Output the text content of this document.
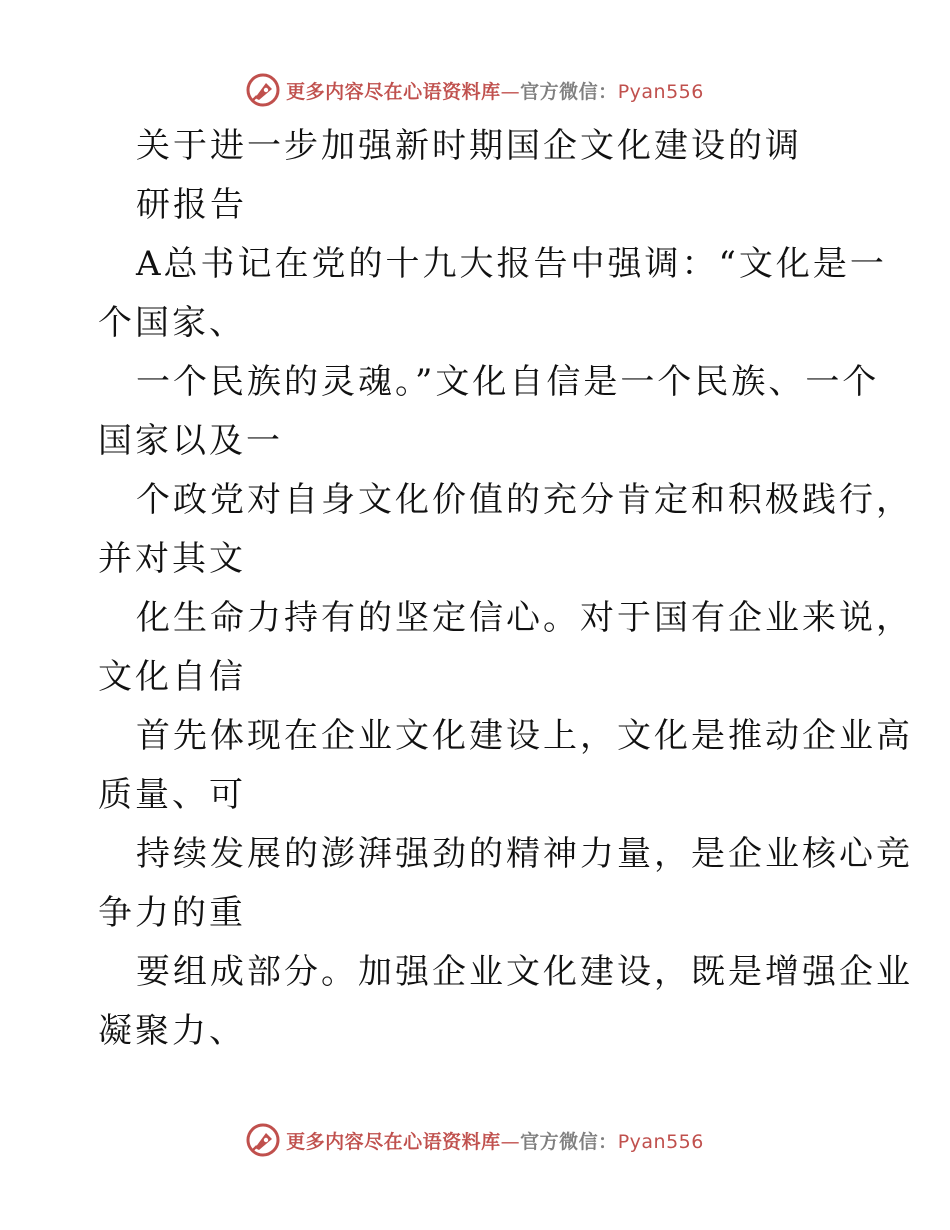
更多内容尽在心语资料库—官方微信：Pyan556
关于进一步加强新时期国企文化建设的调
研报告
A总书记在党的十九大报告中强调：“文化是一
个国家、
一个民族的灵魂。”文化自信是一个民族、一个
国家以及一
个政党对自身文化价值的充分肯定和积极践行，
并对其文
化生命力持有的坚定信心。对于国有企业来说，
文化自信
首先体现在企业文化建设上，文化是推动企业高
质量、可
持续发展的澎湃强劲的精神力量，是企业核心竞
争力的重
要组成部分。加强企业文化建设，既是增强企业
凝聚力、
更多内容尽在心语资料库—官方微信：Pyan556
